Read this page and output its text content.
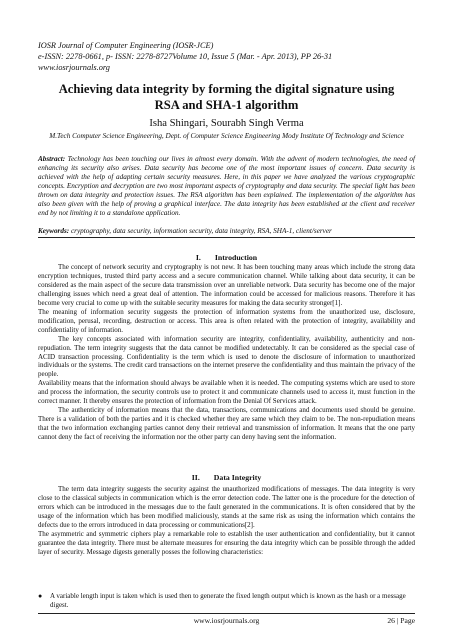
IOSR Journal of Computer Engineering (IOSR-JCE)
e-ISSN: 2278-0661, p- ISSN: 2278-8727Volume 10, Issue 5 (Mar. - Apr. 2013), PP 26-31
www.iosrjournals.org
Achieving data integrity by forming the digital signature using
RSA and SHA-1 algorithm
Isha Shingari, Sourabh Singh Verma
M.Tech Computer Science Engineering, Dept. of Computer Science Engineering Mody Institute Of Technology and Science
Abstract: Technology has been touching our lives in almost every domain. With the advent of modern technologies, the need of enhancing its security also arises. Data security has become one of the most important issues of concern. Data security is achieved with the help of adapting certain security measures. Here, in this paper we have analyzed the various cryptographic concepts. Encryption and decryption are two most important aspects of cryptography and data security. The special light has been thrown on data integrity and protection issues. The RSA algorithm has been explained. The implementation of the algorithm has also been given with the help of proving a graphical interface. The data integrity has been established at the client and receiver end by not limiting it to a standalone application.
Keywords: cryptography, data security, information security, data integrity, RSA, SHA-1, client/server
I. Introduction

The concept of network security and cryptography is not new. It has been touching many areas which include the strong data encryption techniques, trusted third party access and a secure communication channel. While talking about data security, it can be considered as the main aspect of the secure data transmission over an unreliable network. Data security has become one of the major challenging issues which need a great deal of attention. The information could be accessed for malicious reasons. Therefore it has become very crucial to come up with the suitable security measures for making the data security stronger[1].

The meaning of information security suggests the protection of information systems from the unauthorized use, disclosure, modification, perusal, recording, destruction or access. This area is often related with the protection of integrity, availability and confidentiality of information.

The key concepts associated with information security are integrity, confidentiality, availability, authenticity and non-repudiation. The term integrity suggests that the data cannot be modified undetectably. It can be considered as the special case of ACID transaction processing. Confidentiality is the term which is used to denote the disclosure of information to unauthorized individuals or the systems. The credit card transactions on the internet preserve the confidentiality and thus maintain the privacy of the people.

Availability means that the information should always be available when it is needed. The computing systems which are used to store and process the information, the security controls use to protect it and communicate channels used to access it, must function in the correct manner. It thereby ensures the protection of information from the Denial Of Services attack.

The authenticity of information means that the data, transactions, communications and documents used should be genuine. There is a validation of both the parties and it is checked whether they are same which they claim to be. The non-repudiation means that the two information exchanging parties cannot deny their retrieval and transmission of information. It means that the one party cannot deny the fact of receiving the information nor the other party can deny having sent the information.

II. Data Integrity

The term data integrity suggests the security against the unauthorized modifications of messages. The data integrity is very close to the classical subjects in communication which is the error detection code. The latter one is the procedure for the detection of errors which can be introduced in the messages due to the fault generated in the communications. It is often considered that by the usage of the information which has been modified maliciously, stands at the same risk as using the information which contains the defects due to the errors introduced in data processing or communications[2].

The asymmetric and symmetric ciphers play a remarkable role to establish the user authentication and confidentiality, but it cannot guarantee the data integrity. There must be alternate measures for ensuring the data integrity which can be possible through the added layer of security. Message digests generally posses the following characteristics:

● A variable length input is taken which is used then to generate the fixed length output which is known as the hash or a message digest.
www.iosrjournals.org	26 | Page
